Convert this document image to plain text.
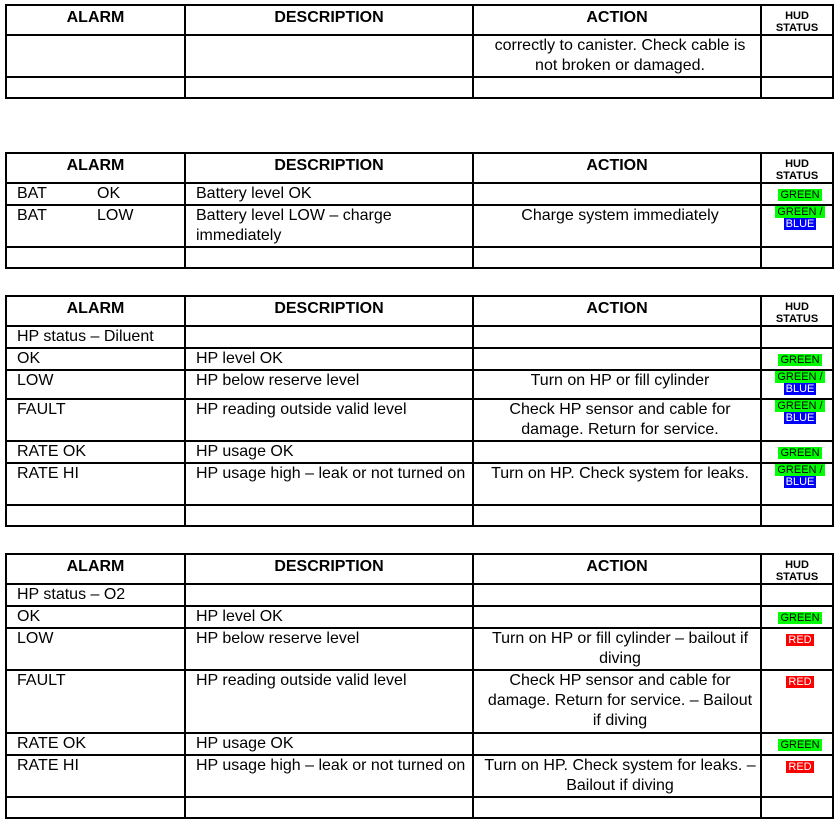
ALARM	DESCRIPTION	ACTION	HUD
STATUS
		correctly to canister. Check cable is not broken or damaged.	

ALARM	DESCRIPTION	ACTION	HUD
STATUS
BAT OK	Battery level OK		GREEN
BAT LOW	Battery level LOW – charge immediately	Charge system immediately	GREEN /
BLUE

ALARM	DESCRIPTION	ACTION	HUD
STATUS
HP status – Diluent			
OK	HP level OK		GREEN
LOW	HP below reserve level	Turn on HP or fill cylinder	GREEN /
BLUE

FAULT	HP reading outside valid level	Check HP sensor and cable for damage. Return for service.	GREEN /
BLUE

RATE OK	HP usage OK		GREEN
RATE HI	HP usage high – leak or not turned on	Turn on HP. Check system for leaks.	GREEN /
BLUE

ALARM	DESCRIPTION	ACTION	HUD
STATUS
HP status – O2			
OK	HP level OK		GREEN
LOW	HP below reserve level	Turn on HP or fill cylinder – bailout if diving	RED
FAULT	HP reading outside valid level	Check HP sensor and cable for damage. Return for service. – Bailout if diving	RED
RATE OK	HP usage OK		GREEN
RATE HI	HP usage high – leak or not turned on	Turn on HP. Check system for leaks. – Bailout if diving	RED
